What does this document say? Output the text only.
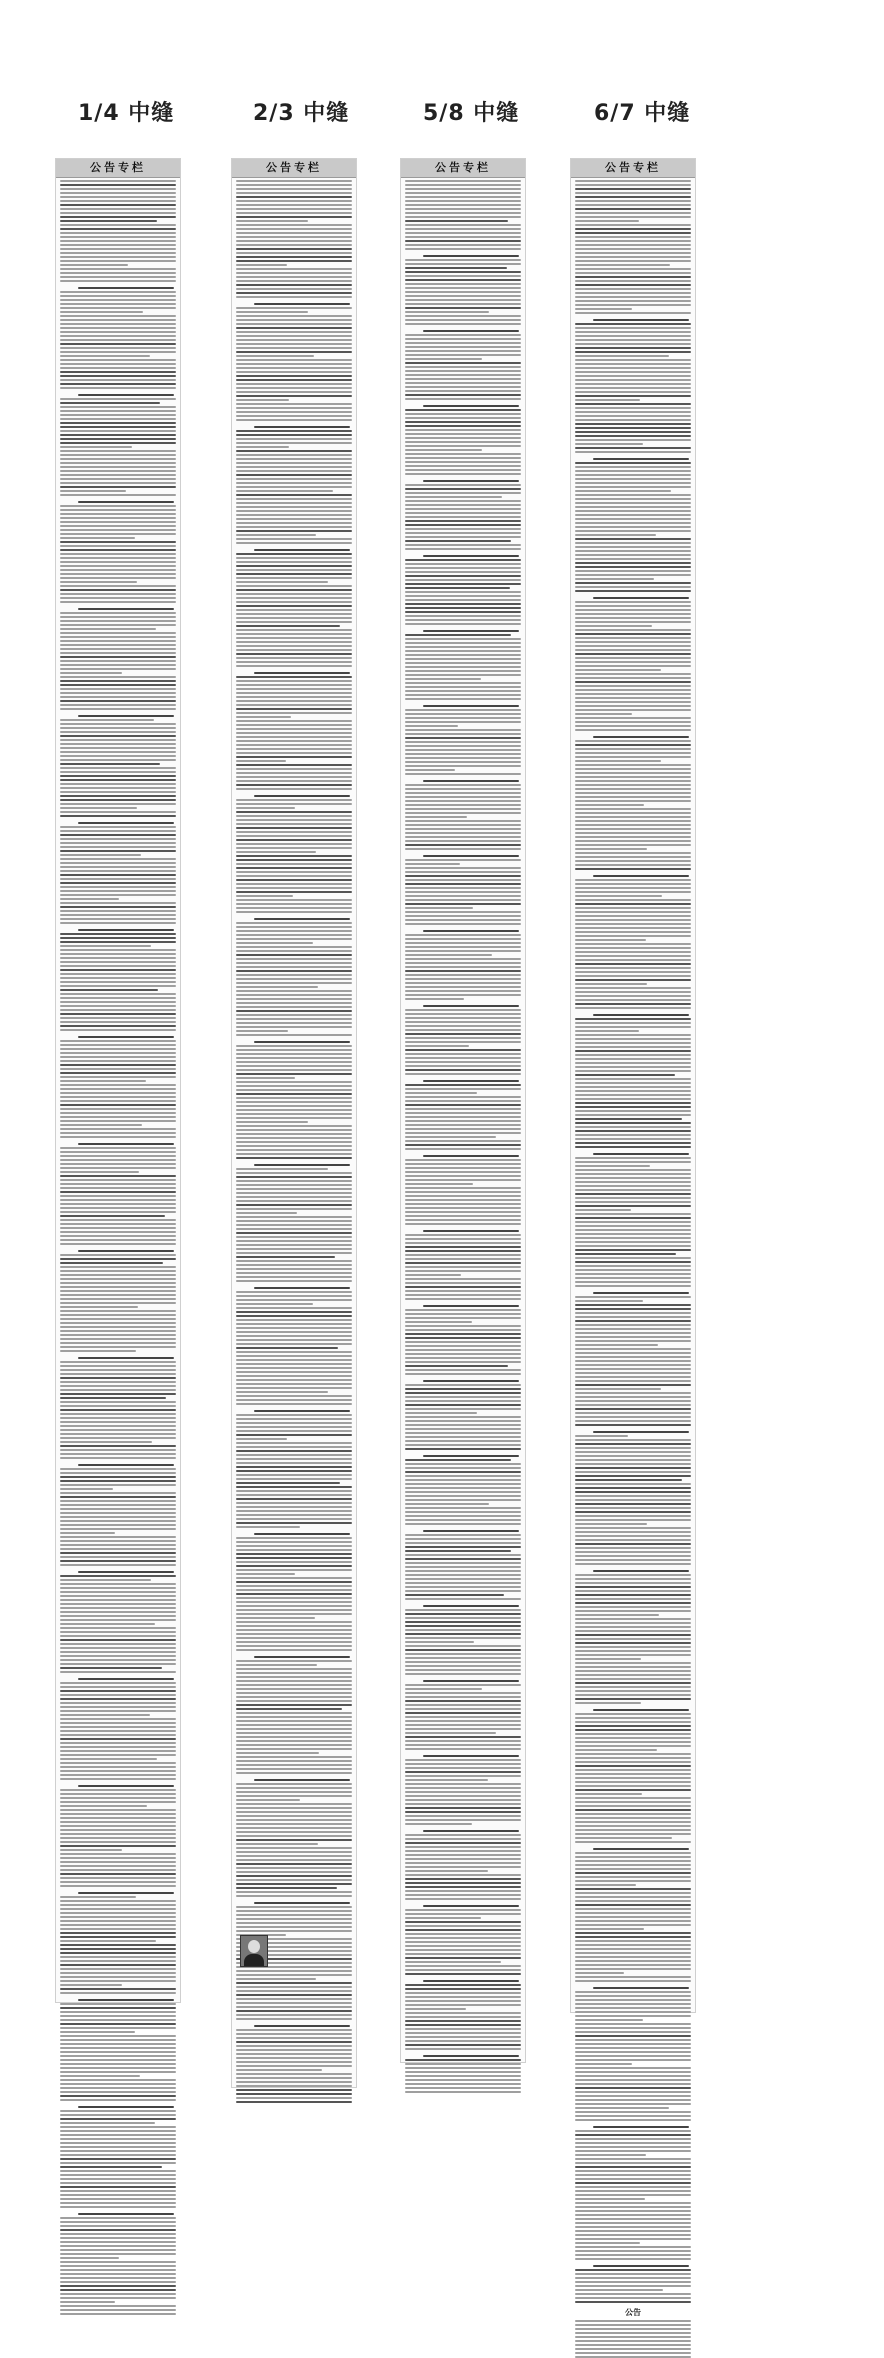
1/4 中缝	2/3 中缝	5/8 中缝	6/7 中缝
公告专栏	公告专栏	公告专栏	公告专栏
公告
